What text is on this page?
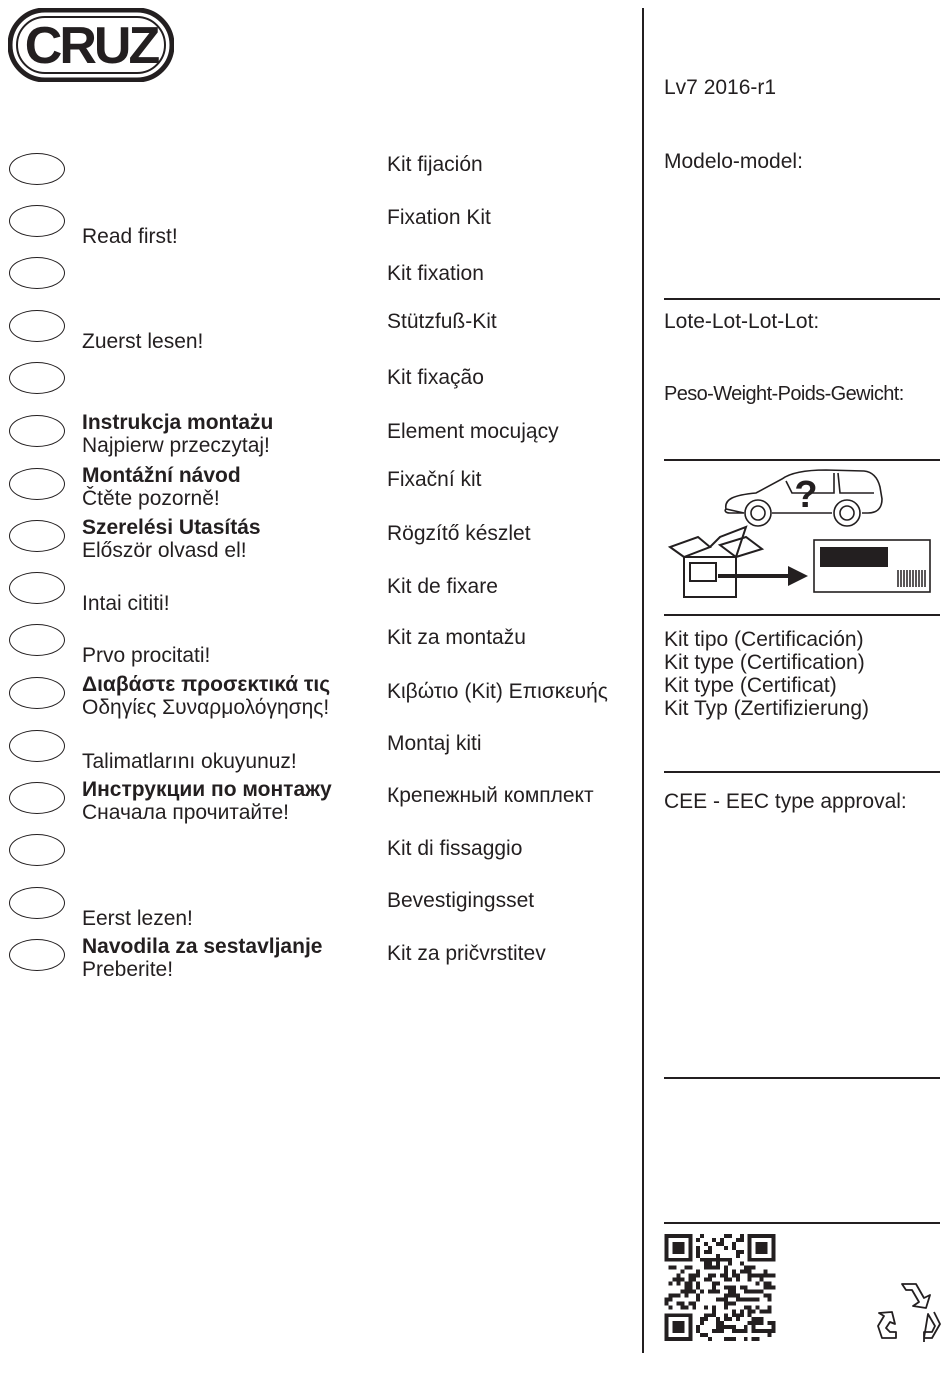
CRUZ
Lv7 2016-r1
Kit fijación
Read first!
Fixation Kit
Kit fixation
Zuerst lesen!
Stützfuß-Kit
Kit fixação
Instrukcja montażu
Najpierw przeczytaj!
Element mocujący
Montážní návod
Čtěte pozorně!
Fixační kit
Szerelési Utasítás
Először olvasd el!
Rögzítő készlet
Intai cititi!
Kit de fixare
Prvo procitati!
Kit za montažu
Διαβάστε προσεκτικά τις
Οδηγίες Συναρμολόγησης!
Κιβώτιο (Kit) Επισκευής
Talimatlarını okuyunuz!
Montaj kiti
Инструкции по монтажу
Сначала прочитайте!
Крепежный комплект
Kit di fissaggio
Eerst lezen!
Bevestigingsset
Navodila za sestavljanje
Preberite!
Kit za pričvrstitev
Modelo-model:
Lote-Lot-Lot-Lot:
Peso-Weight-Poids-Gewicht:
?
Kit tipo (Certificación)
Kit type (Certification)
Kit type (Certificat)
Kit Typ (Zertifizierung)
CEE - EEC type approval:
